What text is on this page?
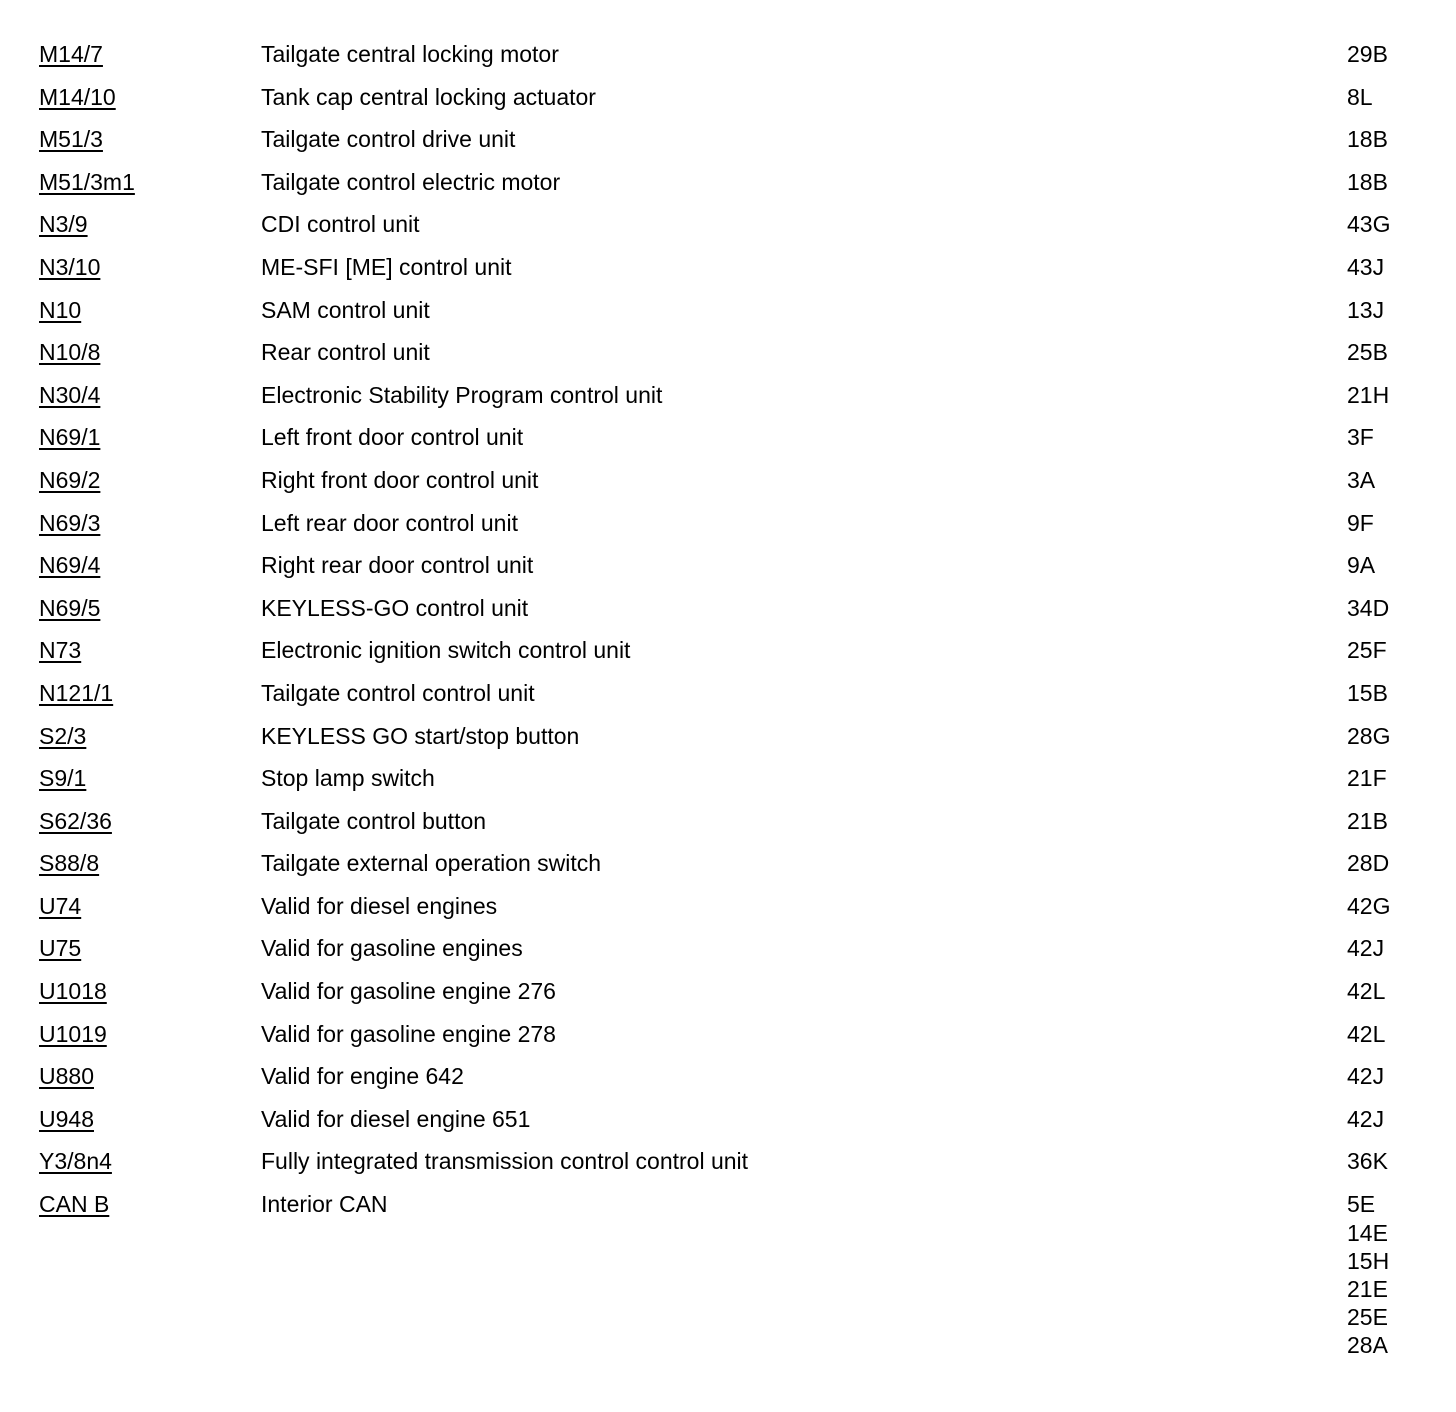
M14/7	Tailgate central locking motor	29B
M14/10	Tank cap central locking actuator	8L
M51/3	Tailgate control drive unit	18B
M51/3m1	Tailgate control electric motor	18B
N3/9	CDI control unit	43G
N3/10	ME-SFI [ME] control unit	43J
N10	SAM control unit	13J
N10/8	Rear control unit	25B
N30/4	Electronic Stability Program control unit	21H
N69/1	Left front door control unit	3F
N69/2	Right front door control unit	3A
N69/3	Left rear door control unit	9F
N69/4	Right rear door control unit	9A
N69/5	KEYLESS-GO control unit	34D
N73	Electronic ignition switch control unit	25F
N121/1	Tailgate control control unit	15B
S2/3	KEYLESS GO start/stop button	28G
S9/1	Stop lamp switch	21F
S62/36	Tailgate control button	21B
S88/8	Tailgate external operation switch	28D
U74	Valid for diesel engines	42G
U75	Valid for gasoline engines	42J
U1018	Valid for gasoline engine 276	42L
U1019	Valid for gasoline engine 278	42L
U880	Valid for engine 642	42J
U948	Valid for diesel engine 651	42J
Y3/8n4	Fully integrated transmission control control unit	36K
CAN B	Interior CAN	5E
14E
15H
21E
25E
28A
